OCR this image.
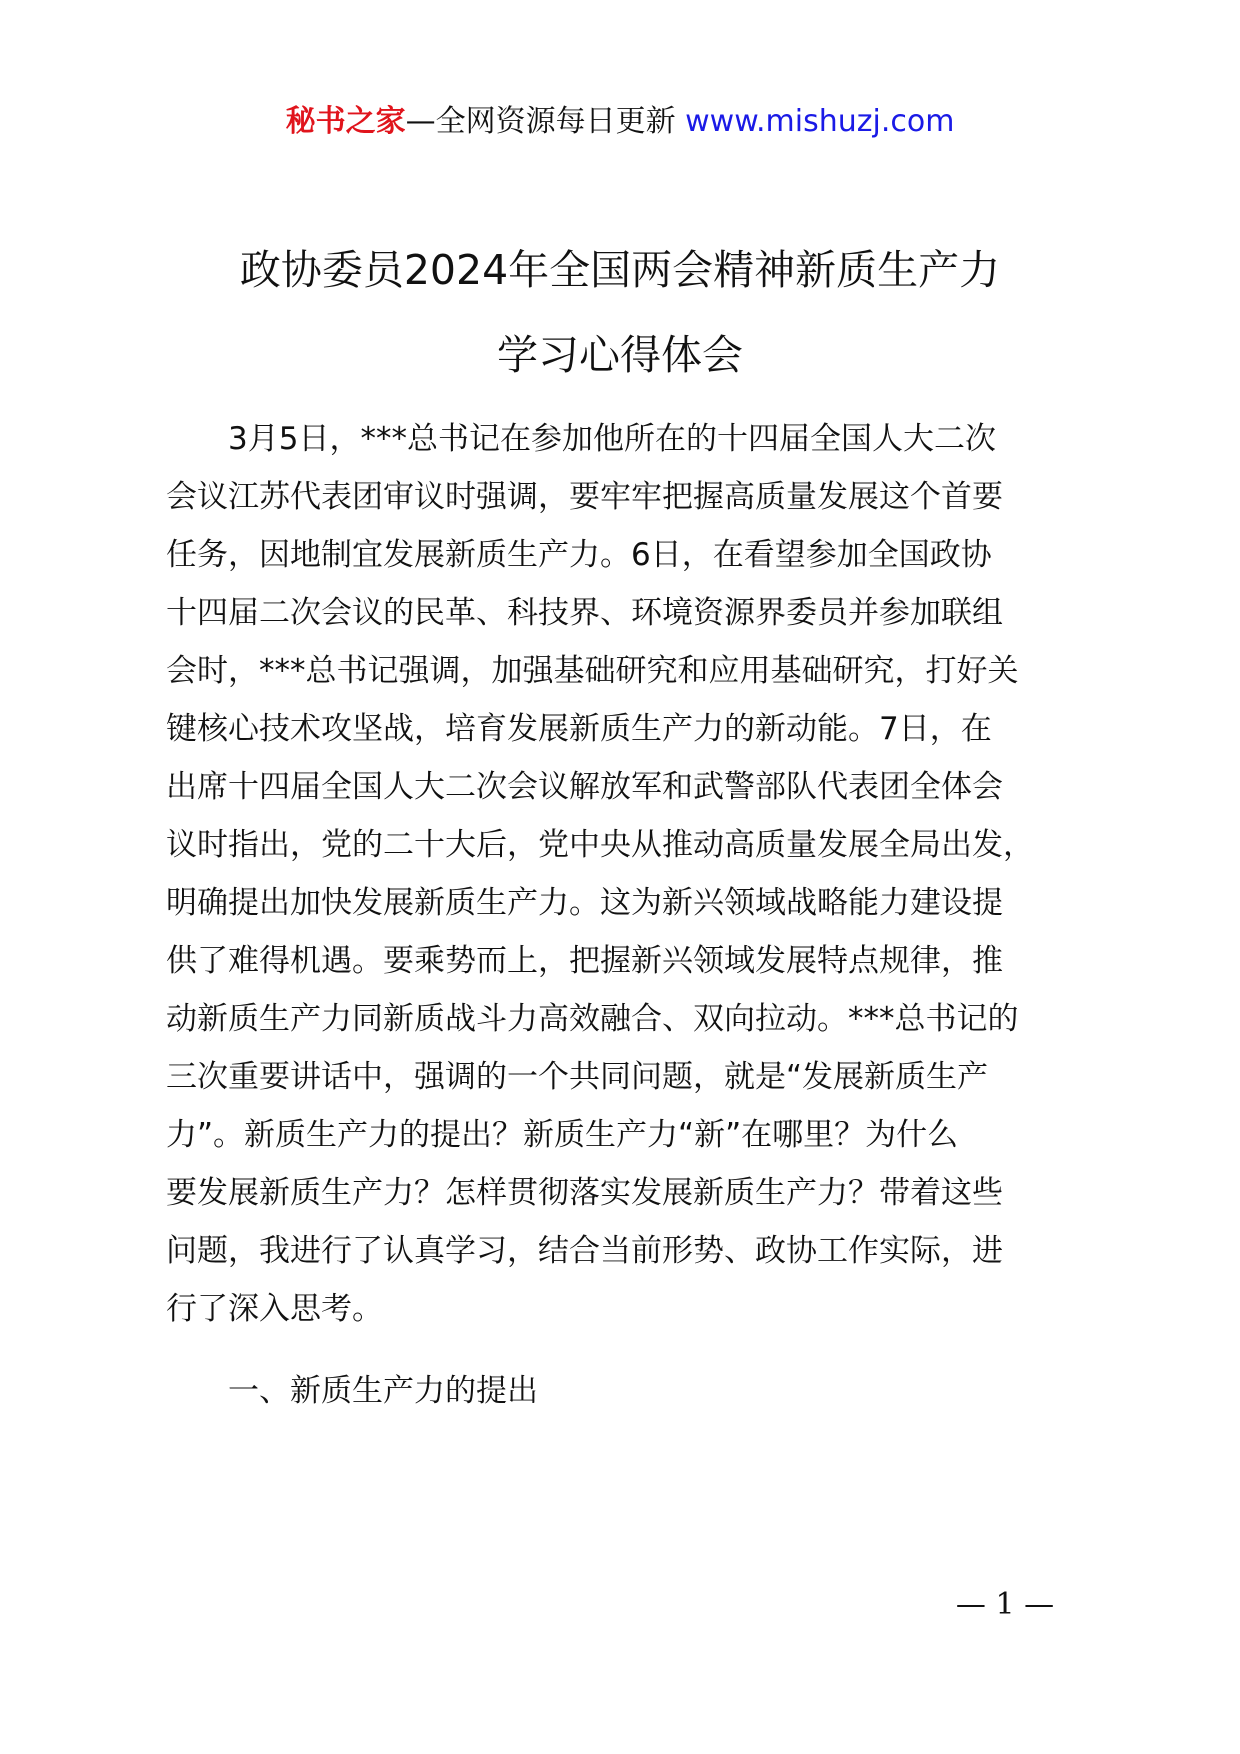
秘书之家—全网资源每日更新 www.mishuzj.com
政协委员2024年全国两会精神新质生产力
学习心得体会
3月5日，***总书记在参加他所在的十四届全国人大二次
会议江苏代表团审议时强调，要牢牢把握高质量发展这个首要
任务，因地制宜发展新质生产力。6日，在看望参加全国政协
十四届二次会议的民革、科技界、环境资源界委员并参加联组
会时，***总书记强调，加强基础研究和应用基础研究，打好关
键核心技术攻坚战，培育发展新质生产力的新动能。7日，在
出席十四届全国人大二次会议解放军和武警部队代表团全体会
议时指出，党的二十大后，党中央从推动高质量发展全局出发，
明确提出加快发展新质生产力。这为新兴领域战略能力建设提
供了难得机遇。要乘势而上，把握新兴领域发展特点规律，推
动新质生产力同新质战斗力高效融合、双向拉动。***总书记的
三次重要讲话中，强调的一个共同问题，就是“发展新质生产
力”。新质生产力的提出？新质生产力“新”在哪里？为什么
要发展新质生产力？怎样贯彻落实发展新质生产力？带着这些
问题，我进行了认真学习，结合当前形势、政协工作实际，进
行了深入思考。
一、新质生产力的提出
— 1 —
